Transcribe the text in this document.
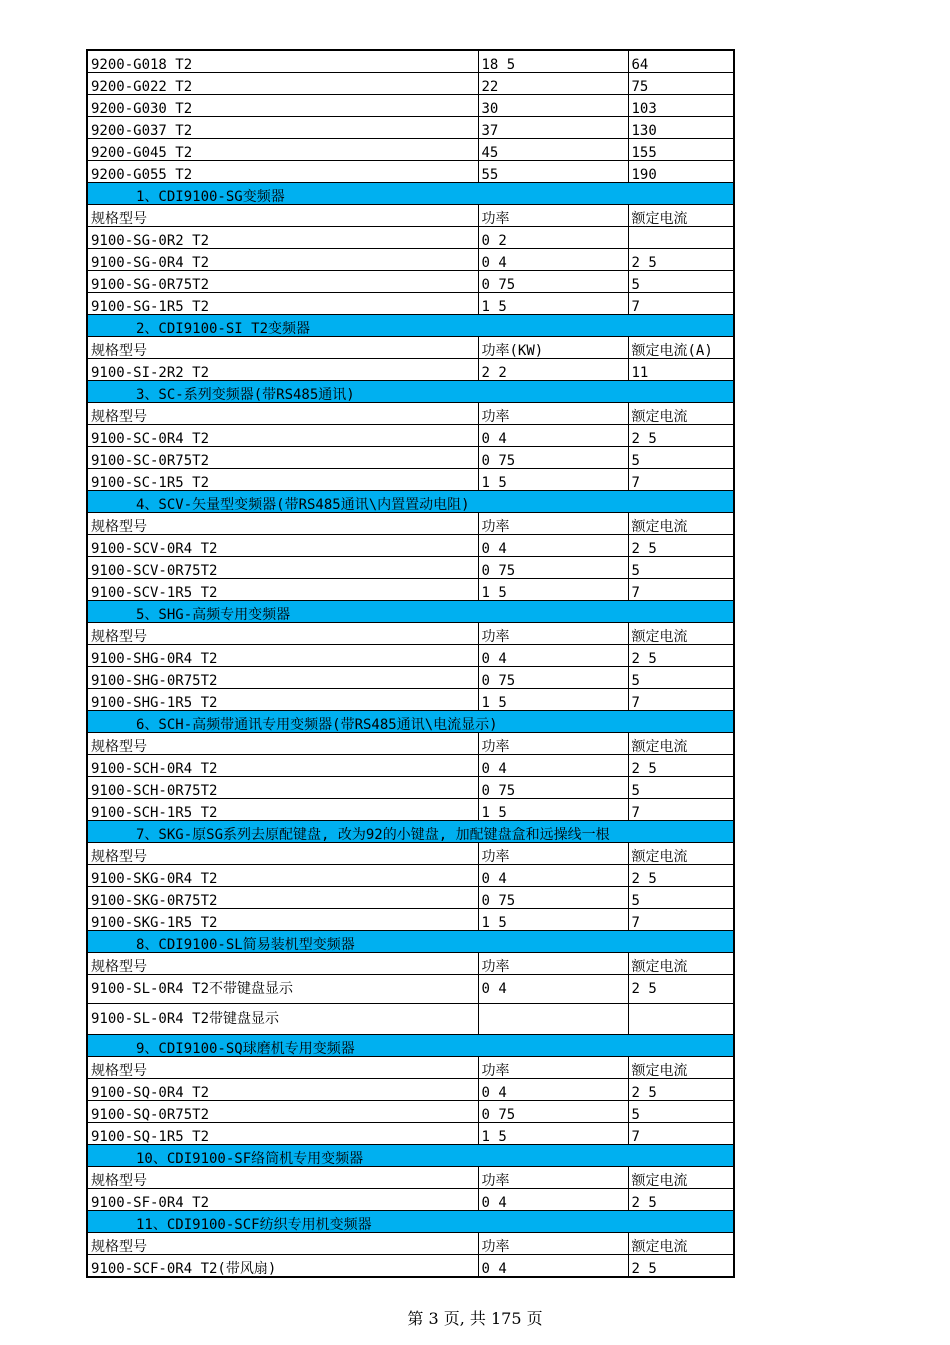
9200-G018 T2	18 5	64
9200-G022 T2	22	75
9200-G030 T2	30	103
9200-G037 T2	37	130
9200-G045 T2	45	155
9200-G055 T2	55	190
1、CDI9100-SG变频器		
规格型号	功率	额定电流
9100-SG-0R2 T2	0 2	
9100-SG-0R4 T2	0 4	2 5
9100-SG-0R75T2	0 75	5
9100-SG-1R5 T2	1 5	7
2、CDI9100-SI T2变频器		
规格型号	功率(KW)	额定电流(A)
9100-SI-2R2 T2	2 2	11
3、SC-系列变频器(带RS485通讯)		
规格型号	功率	额定电流
9100-SC-0R4 T2	0 4	2 5
9100-SC-0R75T2	0 75	5
9100-SC-1R5 T2	1 5	7
4、SCV-矢量型变频器(带RS485通讯\内置置动电阻)		
规格型号	功率	额定电流
9100-SCV-0R4 T2	0 4	2 5
9100-SCV-0R75T2	0 75	5
9100-SCV-1R5 T2	1 5	7
5、SHG-高频专用变频器		
规格型号	功率	额定电流
9100-SHG-0R4 T2	0 4	2 5
9100-SHG-0R75T2	0 75	5
9100-SHG-1R5 T2	1 5	7
6、SCH-高频带通讯专用变频器(带RS485通讯\电流显示)		
规格型号	功率	额定电流
9100-SCH-0R4 T2	0 4	2 5
9100-SCH-0R75T2	0 75	5
9100-SCH-1R5 T2	1 5	7
7、SKG-原SG系列去原配键盘, 改为92的小键盘, 加配键盘盒和远操线一根		
规格型号	功率	额定电流
9100-SKG-0R4 T2	0 4	2 5
9100-SKG-0R75T2	0 75	5
9100-SKG-1R5 T2	1 5	7
8、CDI9100-SL简易装机型变频器		
规格型号	功率	额定电流
9100-SL-0R4 T2不带键盘显示	0 4	2 5
9100-SL-0R4 T2带键盘显示		
9、CDI9100-SQ球磨机专用变频器		
规格型号	功率	额定电流
9100-SQ-0R4 T2	0 4	2 5
9100-SQ-0R75T2	0 75	5
9100-SQ-1R5 T2	1 5	7
10、CDI9100-SF络筒机专用变频器		
规格型号	功率	额定电流
9100-SF-0R4 T2	0 4	2 5
11、CDI9100-SCF纺织专用机变频器		
规格型号	功率	额定电流
9100-SCF-0R4 T2(带风扇)	0 4	2 5
第 3 页, 共 175 页
